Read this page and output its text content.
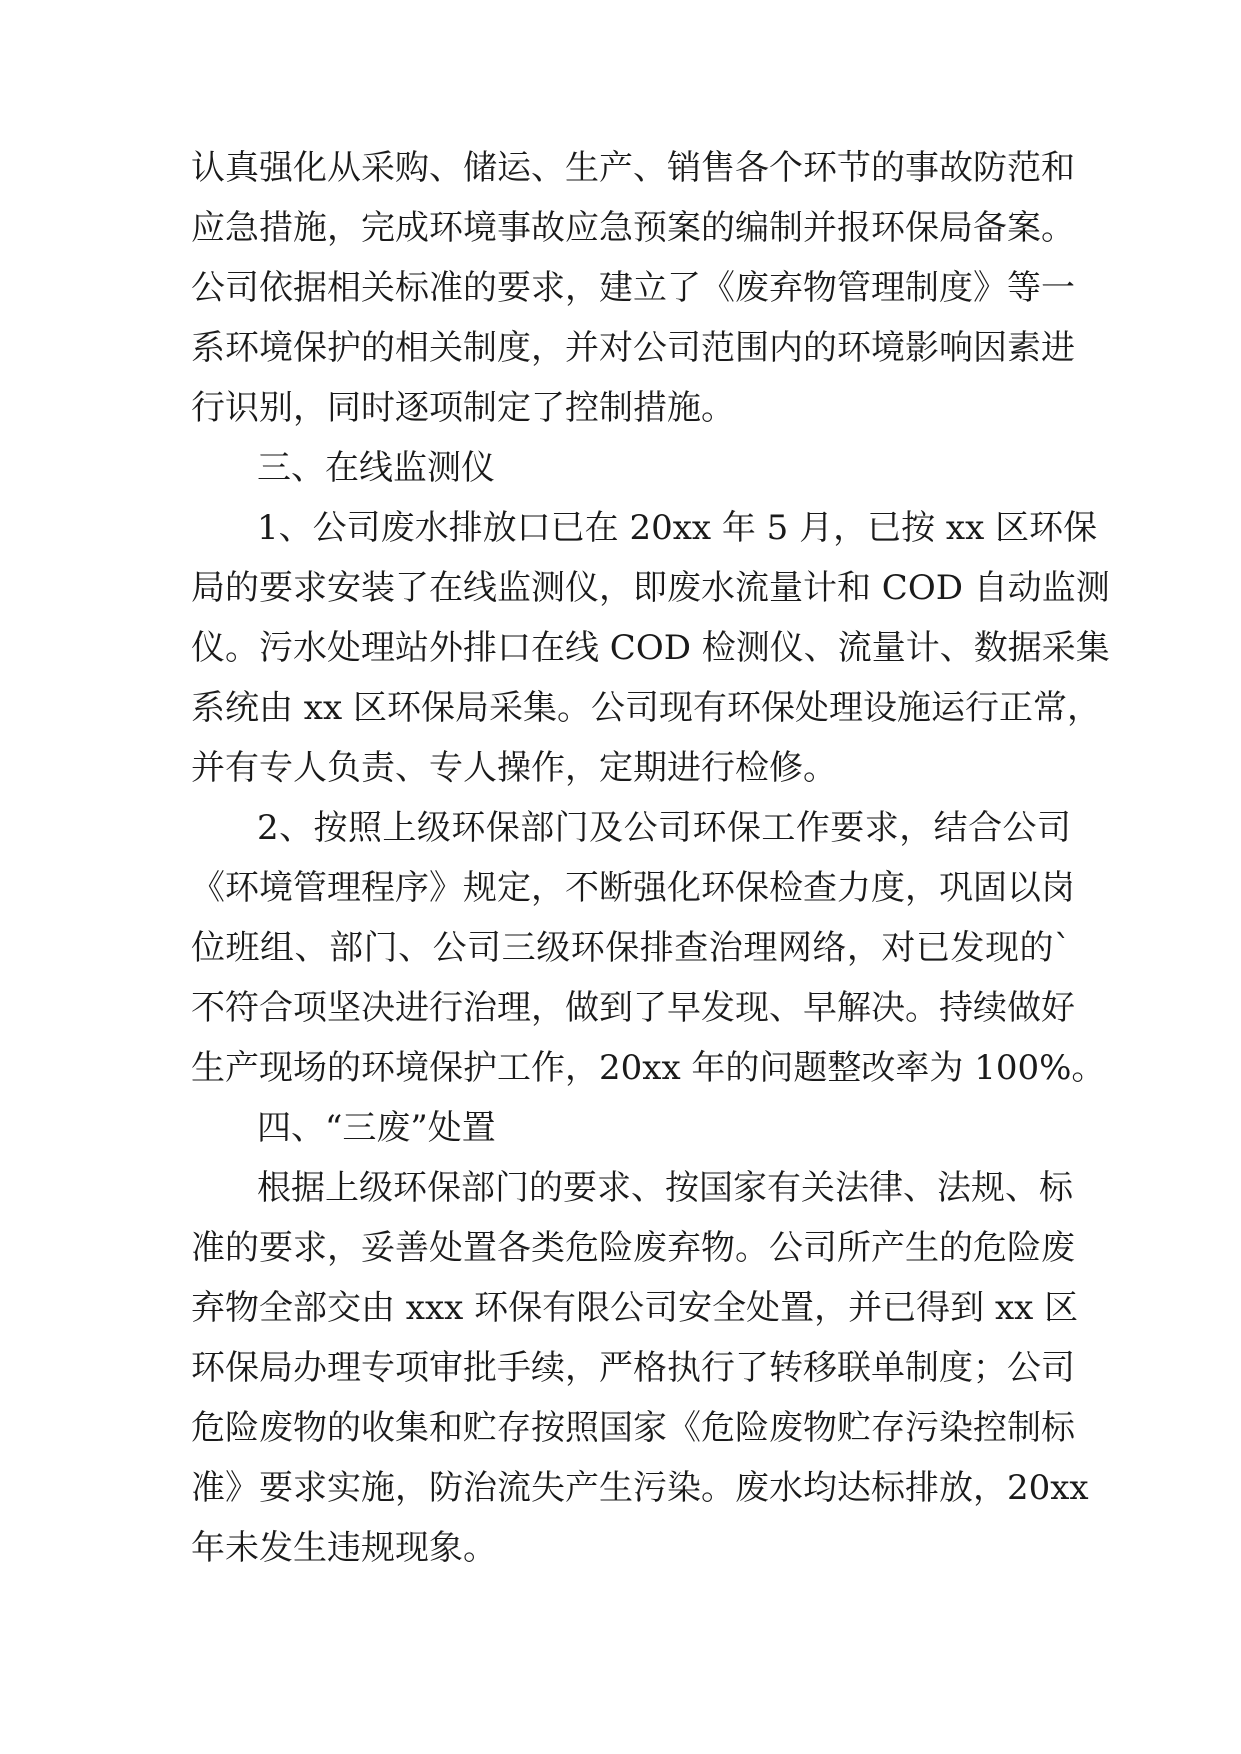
认真强化从采购、储运、生产、销售各个环节的事故防范和
应急措施，完成环境事故应急预案的编制并报环保局备案。
公司依据相关标准的要求，建立了《废弃物管理制度》等一
系环境保护的相关制度，并对公司范围内的环境影响因素进
行识别，同时逐项制定了控制措施。
三、在线监测仪
1、公司废水排放口已在 20xx 年 5 月，已按 xx 区环保
局的要求安装了在线监测仪，即废水流量计和 COD 自动监测
仪。污水处理站外排口在线 COD 检测仪、流量计、数据采集
系统由 xx 区环保局采集。公司现有环保处理设施运行正常，
并有专人负责、专人操作，定期进行检修。
2、按照上级环保部门及公司环保工作要求，结合公司
《环境管理程序》规定，不断强化环保检查力度，巩固以岗
位班组、部门、公司三级环保排查治理网络，对已发现的`
不符合项坚决进行治理，做到了早发现、早解决。持续做好
生产现场的环境保护工作，20xx 年的问题整改率为 100%。
四、“三废”处置
根据上级环保部门的要求、按国家有关法律、法规、标
准的要求，妥善处置各类危险废弃物。公司所产生的危险废
弃物全部交由 xxx 环保有限公司安全处置，并已得到 xx 区
环保局办理专项审批手续，严格执行了转移联单制度；公司
危险废物的收集和贮存按照国家《危险废物贮存污染控制标
准》要求实施，防治流失产生污染。废水均达标排放，20xx
年未发生违规现象。
